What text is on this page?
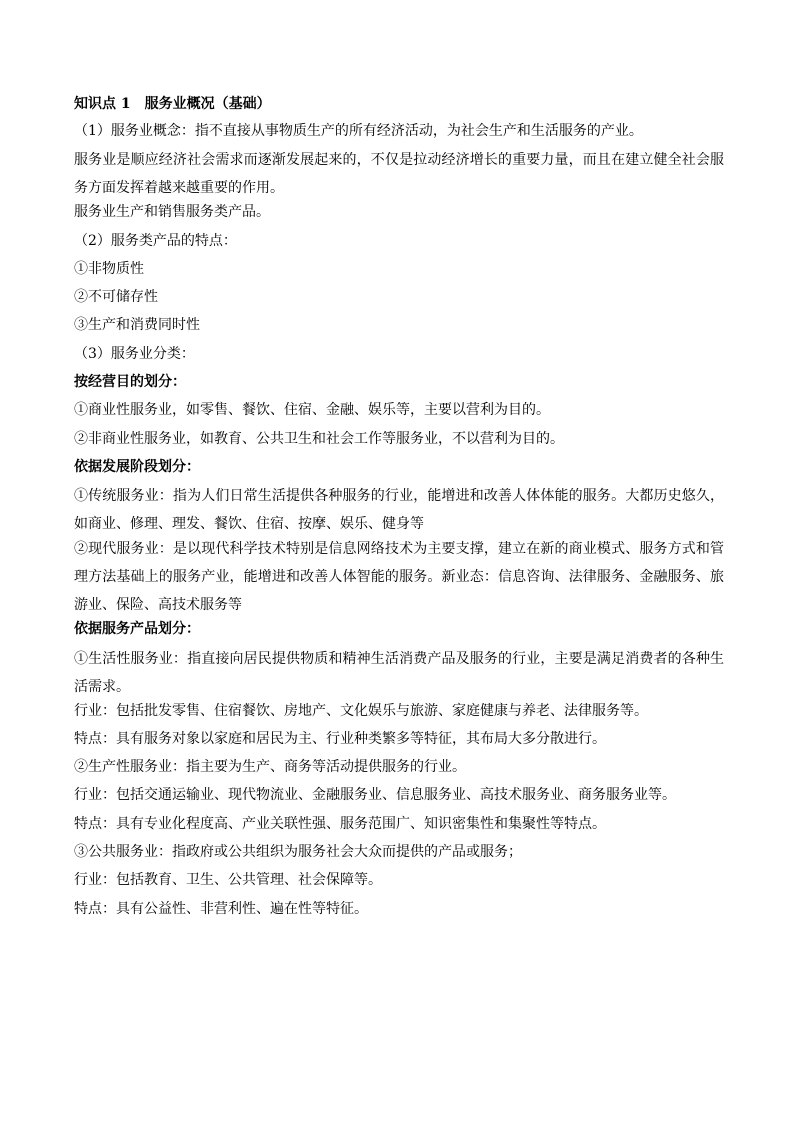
知识点 1　服务业概况（基础）
（1）服务业概念：指不直接从事物质生产的所有经济活动，为社会生产和生活服务的产业。
服务业是顺应经济社会需求而逐渐发展起来的，不仅是拉动经济增长的重要力量，而且在建立健全社会服务方面发挥着越来越重要的作用。
服务业生产和销售服务类产品。
（2）服务类产品的特点：
①非物质性
②不可储存性
③生产和消费同时性
（3）服务业分类：
按经营目的划分：
①商业性服务业，如零售、餐饮、住宿、金融、娱乐等，主要以营利为目的。
②非商业性服务业，如教育、公共卫生和社会工作等服务业，不以营利为目的。
依据发展阶段划分：
①传统服务业：指为人们日常生活提供各种服务的行业，能增进和改善人体体能的服务。大都历史悠久，如商业、修理、理发、餐饮、住宿、按摩、娱乐、健身等
②现代服务业：是以现代科学技术特别是信息网络技术为主要支撑，建立在新的商业模式、服务方式和管理方法基础上的服务产业，能增进和改善人体智能的服务。新业态：信息咨询、法律服务、金融服务、旅游业、保险、高技术服务等
依据服务产品划分：
①生活性服务业：指直接向居民提供物质和精神生活消费产品及服务的行业，主要是满足消费者的各种生活需求。
行业：包括批发零售、住宿餐饮、房地产、文化娱乐与旅游、家庭健康与养老、法律服务等。
特点：具有服务对象以家庭和居民为主、行业种类繁多等特征，其布局大多分散进行。
②生产性服务业：指主要为生产、商务等活动提供服务的行业。
行业：包括交通运输业、现代物流业、金融服务业、信息服务业、高技术服务业、商务服务业等。
特点：具有专业化程度高、产业关联性强、服务范围广、知识密集性和集聚性等特点。
③公共服务业：指政府或公共组织为服务社会大众而提供的产品或服务；
行业：包括教育、卫生、公共管理、社会保障等。
特点：具有公益性、非营利性、遍在性等特征。
